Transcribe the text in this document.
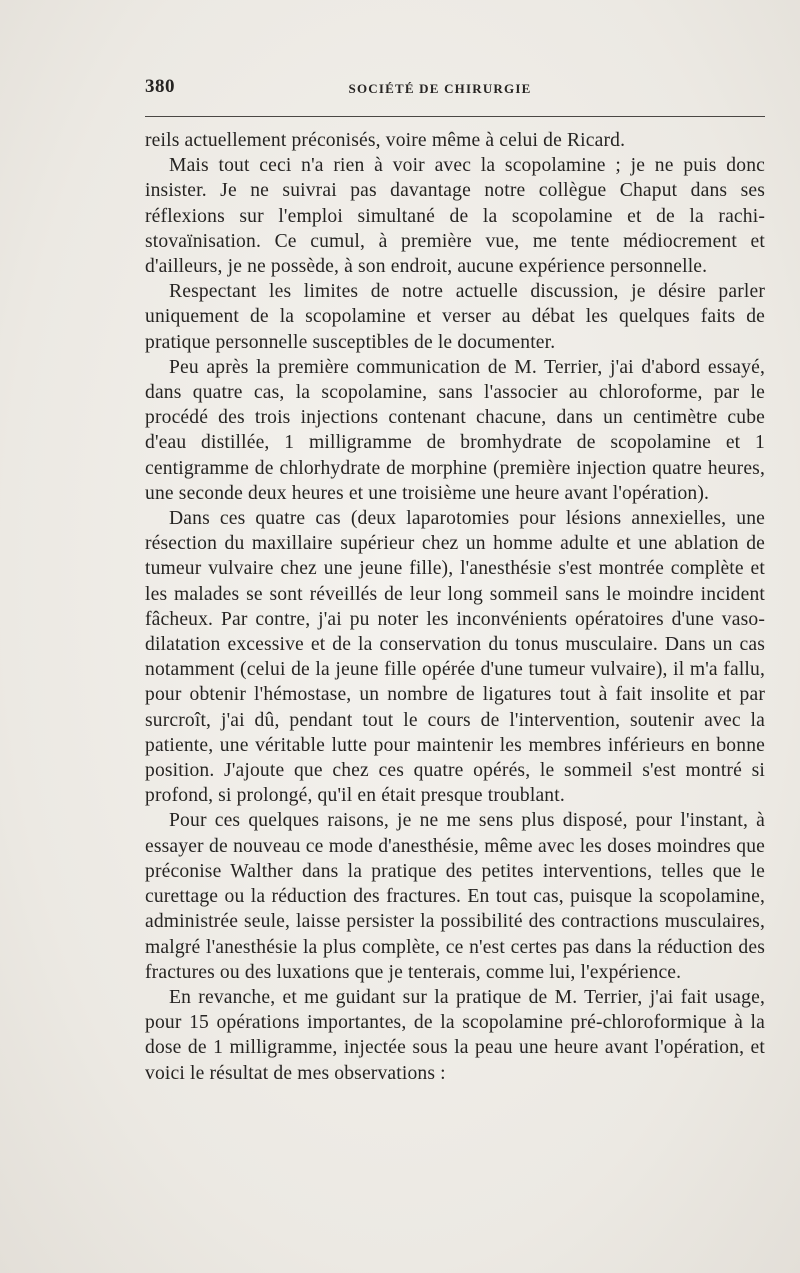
380	SOCIÉTÉ DE CHIRURGIE

reils actuellement préconisés, voire même à celui de Ricard.

Mais tout ceci n'a rien à voir avec la scopolamine ; je ne puis donc insister. Je ne suivrai pas davantage notre collègue Chaput dans ses réflexions sur l'emploi simultané de la scopolamine et de la rachi-stovaïnisation. Ce cumul, à première vue, me tente médiocrement et d'ailleurs, je ne possède, à son endroit, aucune expérience personnelle.

Respectant les limites de notre actuelle discussion, je désire parler uniquement de la scopolamine et verser au débat les quelques faits de pratique personnelle susceptibles de le documenter.

Peu après la première communication de M. Terrier, j'ai d'abord essayé, dans quatre cas, la scopolamine, sans l'associer au chloroforme, par le procédé des trois injections contenant chacune, dans un centimètre cube d'eau distillée, 1 milligramme de bromhydrate de scopolamine et 1 centigramme de chlorhydrate de morphine (première injection quatre heures, une seconde deux heures et une troisième une heure avant l'opération).

Dans ces quatre cas (deux laparotomies pour lésions annexielles, une résection du maxillaire supérieur chez un homme adulte et une ablation de tumeur vulvaire chez une jeune fille), l'anesthésie s'est montrée complète et les malades se sont réveillés de leur long sommeil sans le moindre incident fâcheux. Par contre, j'ai pu noter les inconvénients opératoires d'une vaso-dilatation excessive et de la conservation du tonus musculaire. Dans un cas notamment (celui de la jeune fille opérée d'une tumeur vulvaire), il m'a fallu, pour obtenir l'hémostase, un nombre de ligatures tout à fait insolite et par surcroît, j'ai dû, pendant tout le cours de l'intervention, soutenir avec la patiente, une véritable lutte pour maintenir les membres inférieurs en bonne position. J'ajoute que chez ces quatre opérés, le sommeil s'est montré si profond, si prolongé, qu'il en était presque troublant.

Pour ces quelques raisons, je ne me sens plus disposé, pour l'instant, à essayer de nouveau ce mode d'anesthésie, même avec les doses moindres que préconise Walther dans la pratique des petites interventions, telles que le curettage ou la réduction des fractures. En tout cas, puisque la scopolamine, administrée seule, laisse persister la possibilité des contractions musculaires, malgré l'anesthésie la plus complète, ce n'est certes pas dans la réduction des fractures ou des luxations que je tenterais, comme lui, l'expérience.

En revanche, et me guidant sur la pratique de M. Terrier, j'ai fait usage, pour 15 opérations importantes, de la scopolamine pré-chloroformique à la dose de 1 milligramme, injectée sous la peau une heure avant l'opération, et voici le résultat de mes observations :
